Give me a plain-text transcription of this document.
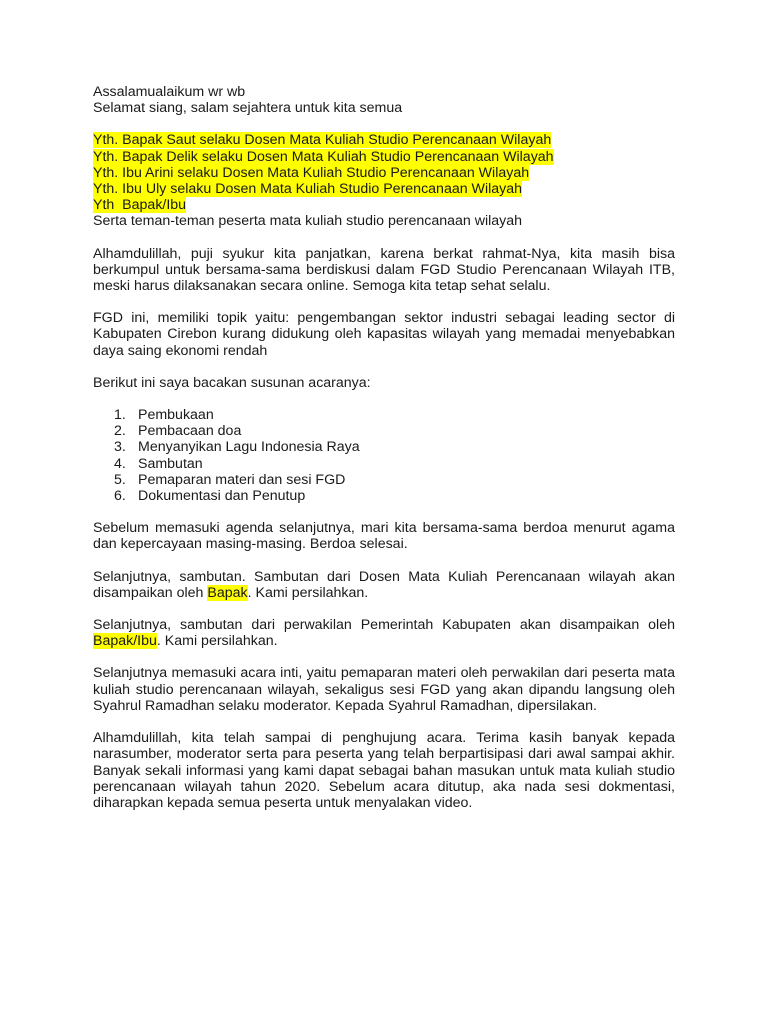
Assalamualaikum wr wb
Selamat siang, salam sejahtera untuk kita semua

Yth. Bapak Saut selaku Dosen Mata Kuliah Studio Perencanaan Wilayah
Yth. Bapak Delik selaku Dosen Mata Kuliah Studio Perencanaan Wilayah
Yth. Ibu Arini selaku Dosen Mata Kuliah Studio Perencanaan Wilayah
Yth. Ibu Uly selaku Dosen Mata Kuliah Studio Perencanaan Wilayah
Yth  Bapak/Ibu
Serta teman-teman peserta mata kuliah studio perencanaan wilayah

Alhamdulillah, puji syukur kita panjatkan, karena berkat rahmat-Nya, kita masih bisa berkumpul untuk bersama-sama berdiskusi dalam FGD Studio Perencanaan Wilayah ITB, meski harus dilaksanakan secara online. Semoga kita tetap sehat selalu.

FGD ini, memiliki topik yaitu: pengembangan sektor industri sebagai leading sector di Kabupaten Cirebon kurang didukung oleh kapasitas wilayah yang memadai menyebabkan daya saing ekonomi rendah

Berikut ini saya bacakan susunan acaranya:

1. Pembukaan
2. Pembacaan doa
3. Menyanyikan Lagu Indonesia Raya
4. Sambutan
5. Pemaparan materi dan sesi FGD
6. Dokumentasi dan Penutup

Sebelum memasuki agenda selanjutnya, mari kita bersama-sama berdoa menurut agama dan kepercayaan masing-masing. Berdoa selesai.

Selanjutnya, sambutan. Sambutan dari Dosen Mata Kuliah Perencanaan wilayah akan disampaikan oleh Bapak. Kami persilahkan.

Selanjutnya, sambutan dari perwakilan Pemerintah Kabupaten akan disampaikan oleh Bapak/Ibu. Kami persilahkan.

Selanjutnya memasuki acara inti, yaitu pemaparan materi oleh perwakilan dari peserta mata kuliah studio perencanaan wilayah, sekaligus sesi FGD yang akan dipandu langsung oleh Syahrul Ramadhan selaku moderator. Kepada Syahrul Ramadhan, dipersilakan.

Alhamdulillah, kita telah sampai di penghujung acara. Terima kasih banyak kepada narasumber, moderator serta para peserta yang telah berpartisipasi dari awal sampai akhir. Banyak sekali informasi yang kami dapat sebagai bahan masukan untuk mata kuliah studio perencanaan wilayah tahun 2020. Sebelum acara ditutup, aka nada sesi dokmentasi, diharapkan kepada semua peserta untuk menyalakan video.
